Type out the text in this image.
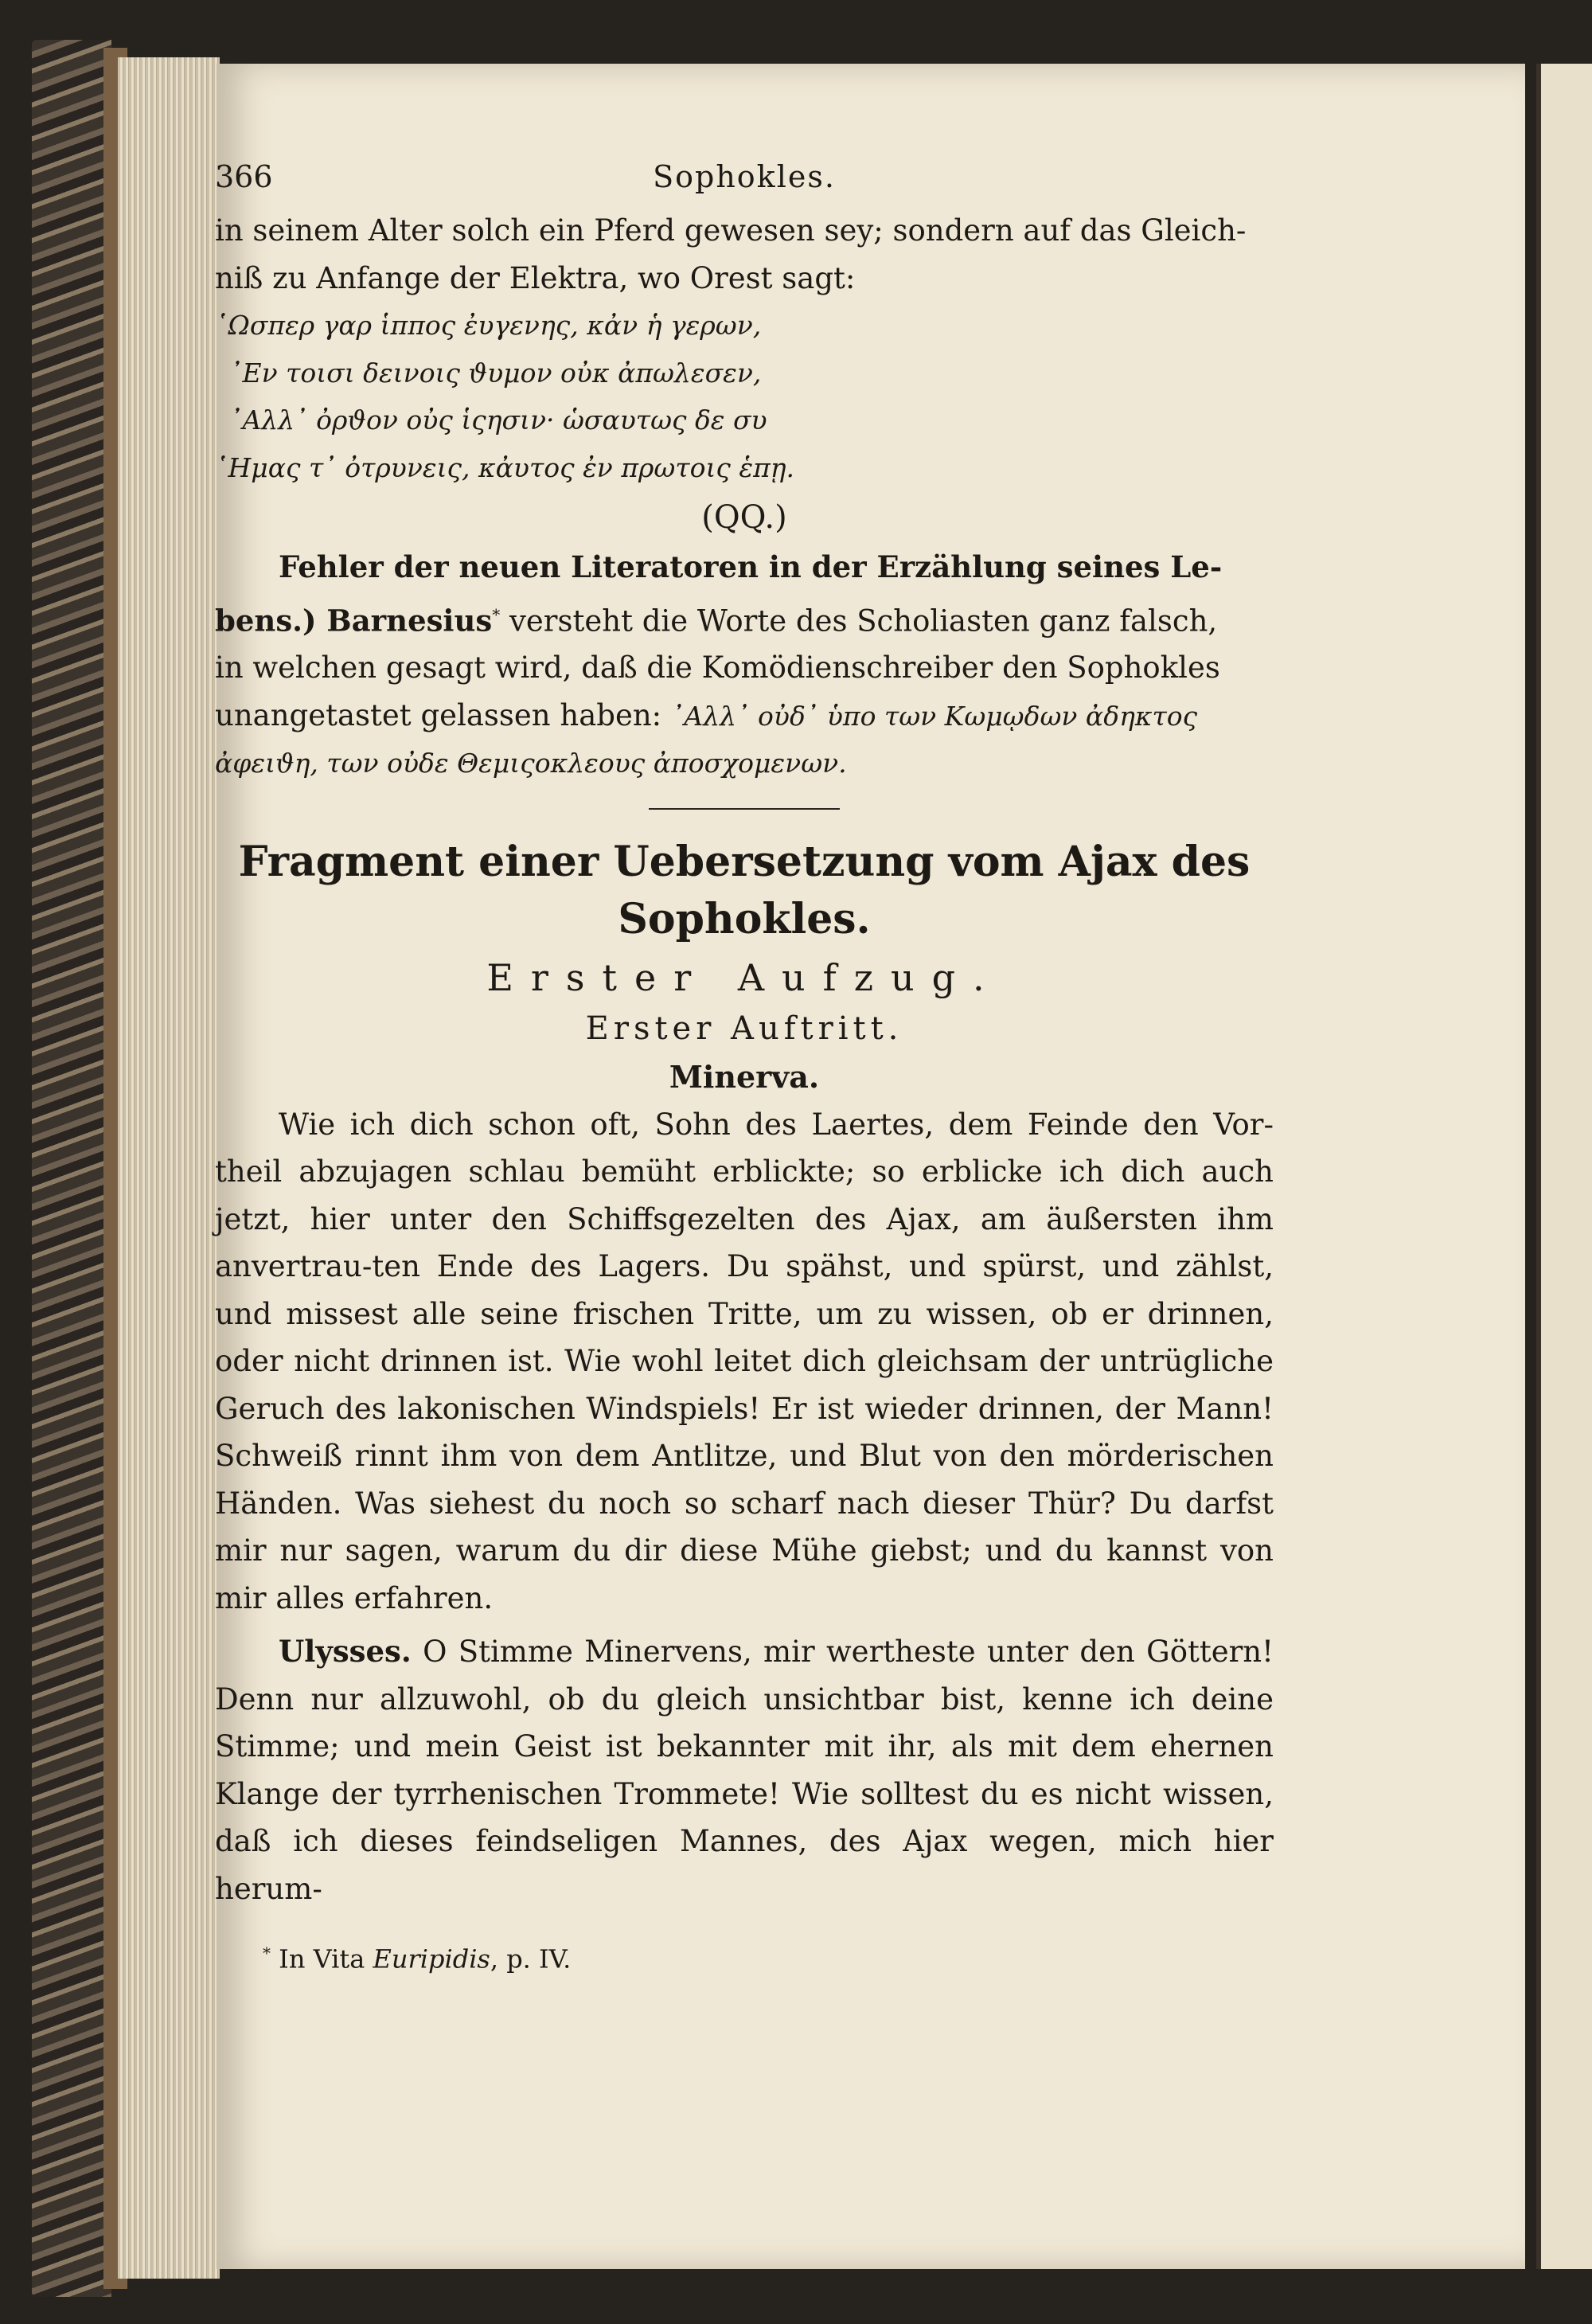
366	Sophokles.

in seinem Alter solch ein Pferd gewesen sey; sondern auf das Gleich-

niß zu Anfange der Elektra, wo Orest sagt:

῾Ωσπερ γαρ ἱππος ἐυγενης, κἀν ἡ γερων,
᾿Εν τοισι δεινοις ϑυμον οὐκ ἀπωλεσεν,
᾿Αλλ᾿ ὀρϑον οὐς ἱςησιν· ὡσαυτως δε συ
῾Ημας τ᾿ ὀτρυνεις, κἀυτος ἐν πρωτοις ἑπῃ.
(QQ.)

Fehler der neuen Literatoren in der Erzählung seines Le-

bens.) Barnesius* versteht die Worte des Scholiasten ganz falsch,

in welchen gesagt wird, daß die Komödienschreiber den Sophokles

unangetastet gelassen haben: ᾿Αλλ᾿ οὐδ᾿ ὑπο των Κωμῳδων ἀδηκτος

ἀφειϑη, των οὐδε Θεμιςοκλεους ἀποσχομενων.

Fragment einer Uebersetzung vom Ajax des Sophokles.
Erster Aufzug.
Erster Auftritt.
Minerva.

Wie ich dich schon oft, Sohn des Laertes, dem Feinde den Vor-theil abzujagen schlau bemüht erblickte; so erblicke ich dich auch jetzt, hier unter den Schiffsgezelten des Ajax, am äußersten ihm anvertrau-ten Ende des Lagers. Du spähst, und spürst, und zählst, und missest alle seine frischen Tritte, um zu wissen, ob er drinnen, oder nicht drinnen ist. Wie wohl leitet dich gleichsam der untrügliche Geruch des lakonischen Windspiels! Er ist wieder drinnen, der Mann! Schweiß rinnt ihm von dem Antlitze, und Blut von den mörderischen Händen. Was siehest du noch so scharf nach dieser Thür? Du darfst mir nur sagen, warum du dir diese Mühe giebst; und du kannst von mir alles erfahren.

Ulysses. O Stimme Minervens, mir wertheste unter den Göttern! Denn nur allzuwohl, ob du gleich unsichtbar bist, kenne ich deine Stimme; und mein Geist ist bekannter mit ihr, als mit dem ehernen Klange der tyrrhenischen Trommete! Wie solltest du es nicht wissen, daß ich dieses feindseligen Mannes, des Ajax wegen, mich hier herum-

* In Vita Euripidis, p. IV.
